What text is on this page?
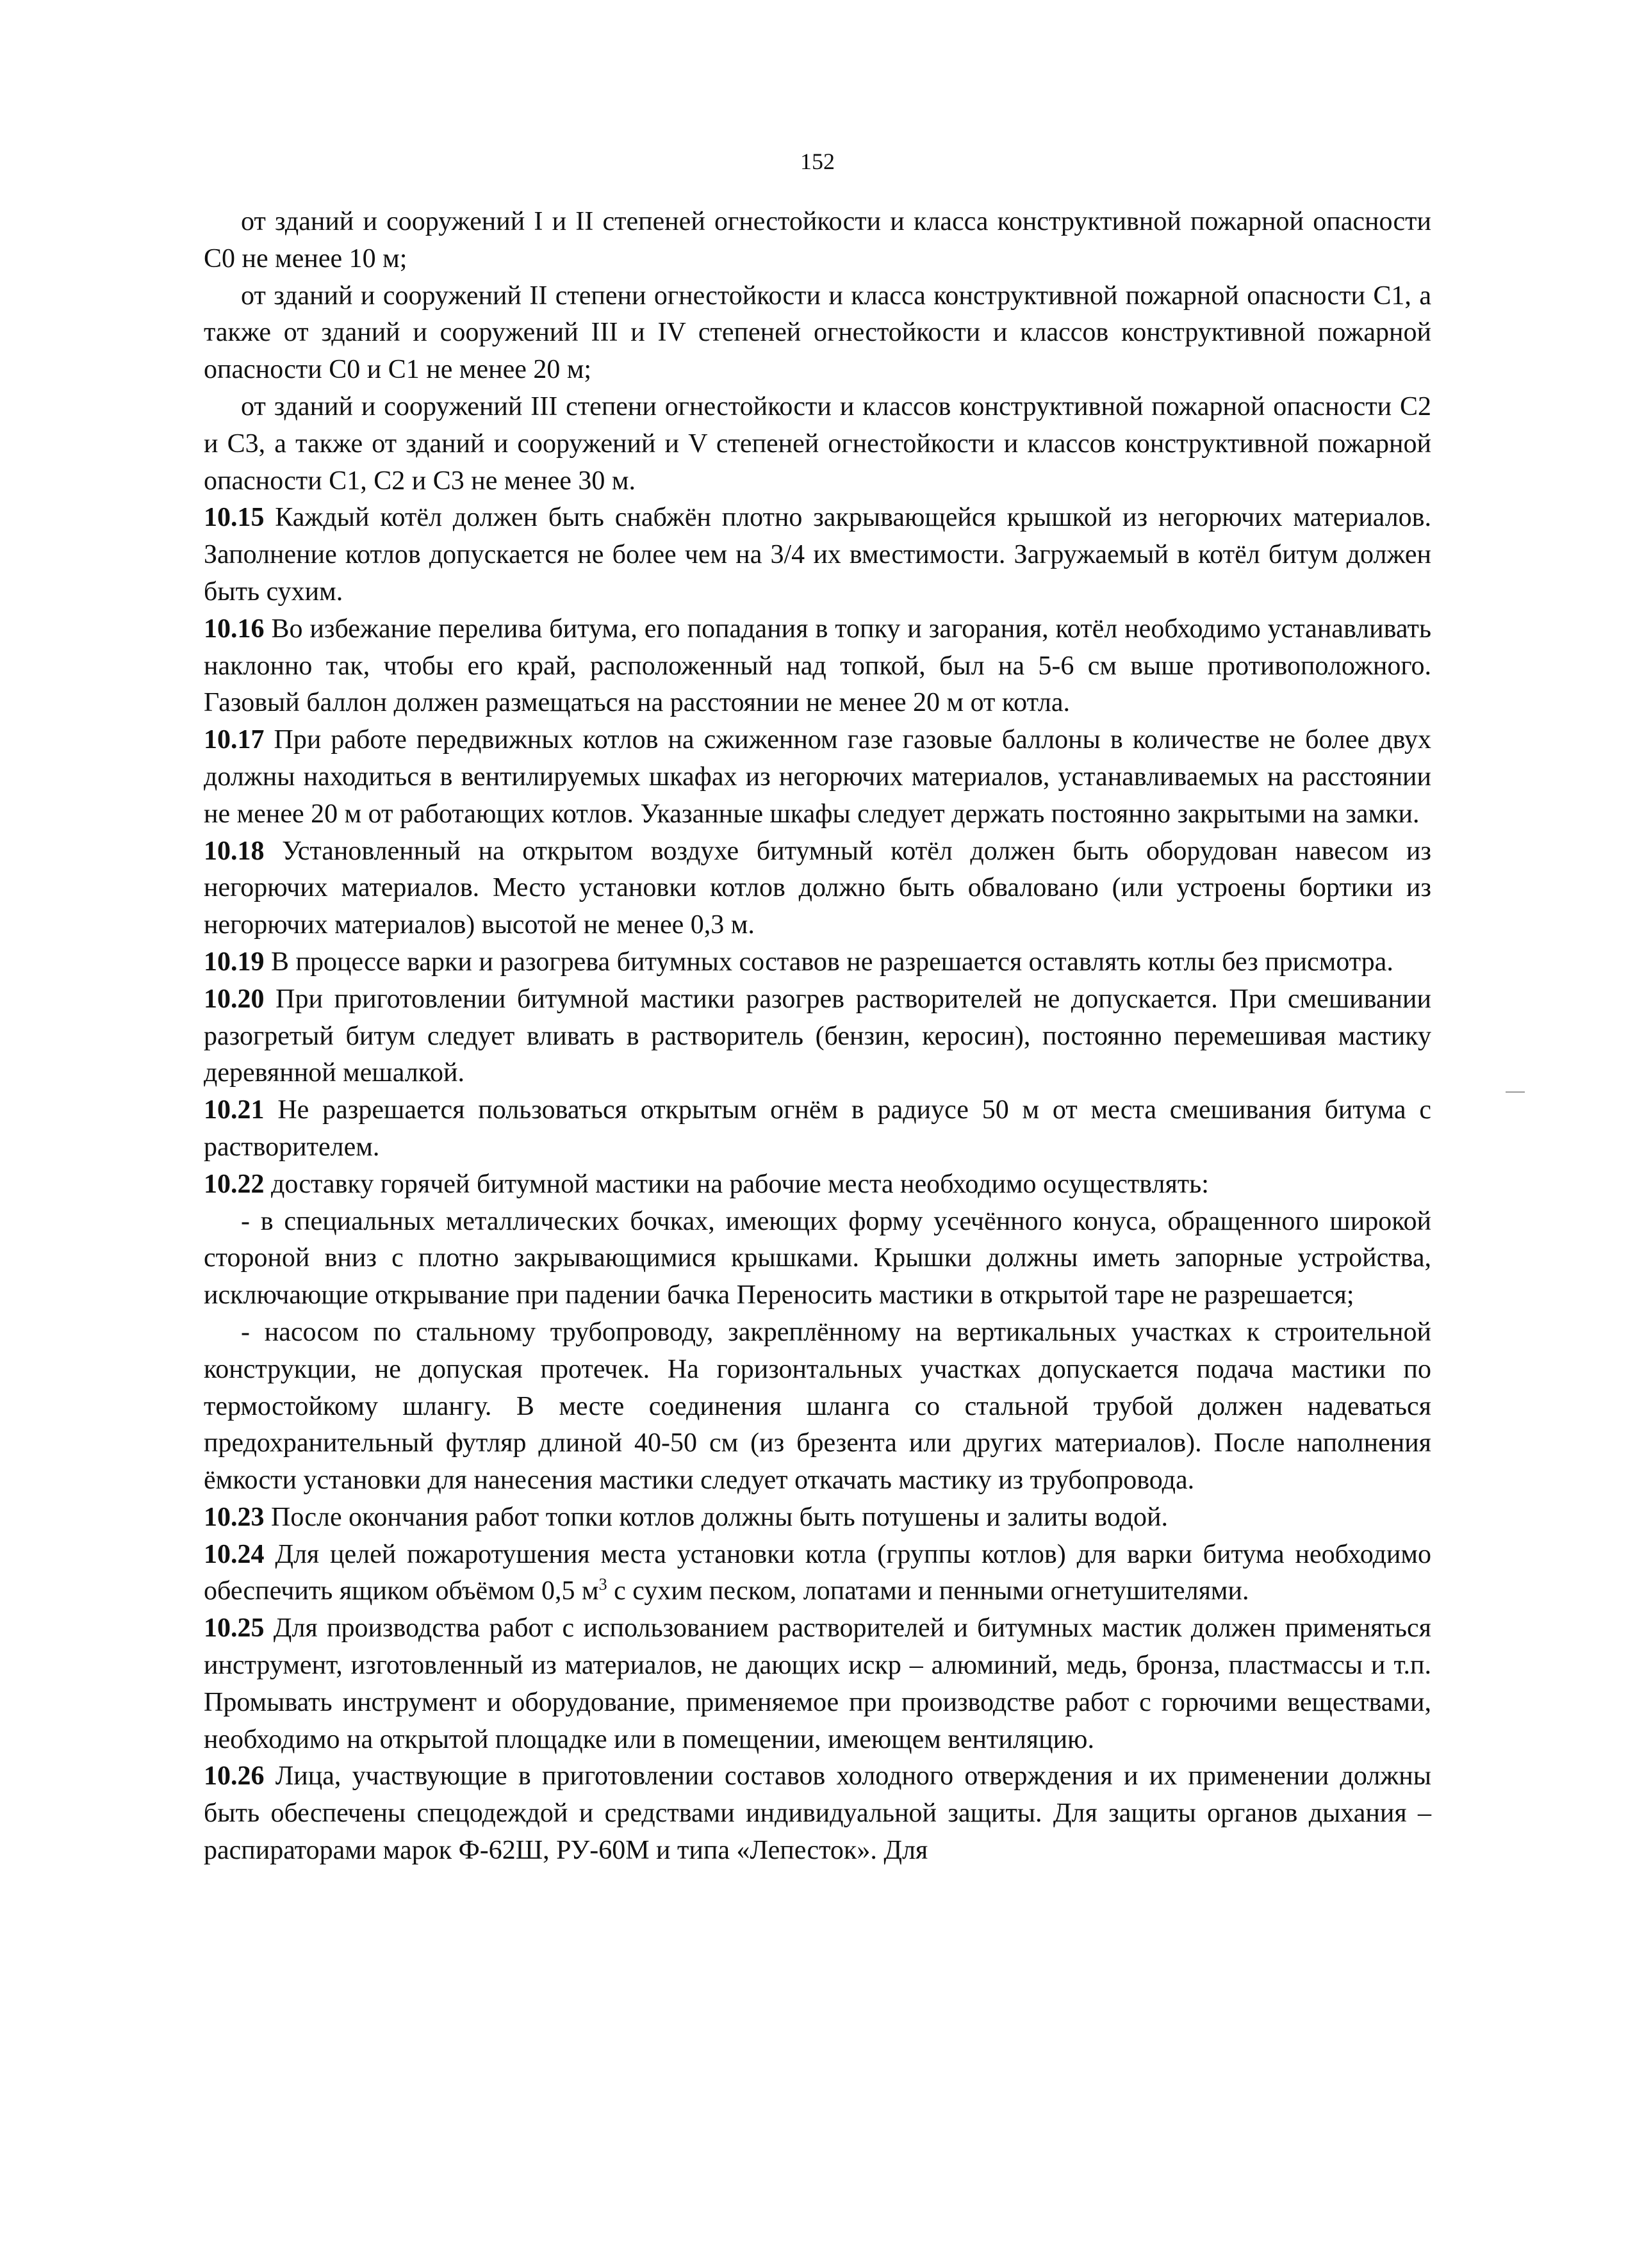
152

от зданий и сооружений I и II степеней огнестойкости и класса конструктивной пожарной опасности С0 не менее 10 м;

от зданий и сооружений II степени огнестойкости и класса конструктивной пожарной опасности С1, а также от зданий и сооружений III и IV степеней огнестойкости и классов конструктивной пожарной опасности С0 и С1 не менее 20 м;

от зданий и сооружений III степени огнестойкости и классов конструктивной пожарной опасности С2 и С3, а также от зданий и сооружений и V степеней огнестойкости и классов конструктивной пожарной опасности С1, С2 и С3 не менее 30 м.

10.15 Каждый котёл должен быть снабжён плотно закрывающейся крышкой из негорючих материалов. Заполнение котлов допускается не более чем на 3/4 их вместимости. Загружаемый в котёл битум должен быть сухим.

10.16 Во избежание перелива битума, его попадания в топку и загорания, котёл необходимо устанавливать наклонно так, чтобы его край, расположенный над топкой, был на 5-6 см выше противоположного. Газовый баллон должен размещаться на расстоянии не менее 20 м от котла.

10.17 При работе передвижных котлов на сжиженном газе газовые баллоны в количестве не более двух должны находиться в вентилируемых шкафах из негорючих материалов, устанавливаемых на расстоянии не менее 20 м от работающих котлов. Указанные шкафы следует держать постоянно закрытыми на замки.

10.18 Установленный на открытом воздухе битумный котёл должен быть оборудован навесом из негорючих материалов. Место установки котлов должно быть обваловано (или устроены бортики из негорючих материалов) высотой не менее 0,3 м.

10.19 В процессе варки и разогрева битумных составов не разрешается оставлять котлы без присмотра.

10.20 При приготовлении битумной мастики разогрев растворителей не допускается. При смешивании разогретый битум следует вливать в растворитель (бензин, керосин), постоянно перемешивая мастику деревянной мешалкой.

10.21 Не разрешается пользоваться открытым огнём в радиусе 50 м от места смешивания битума с растворителем.

10.22 доставку горячей битумной мастики на рабочие места необходимо осуществлять:

- в специальных металлических бочках, имеющих форму усечённого конуса, обращенного широкой стороной вниз с плотно закрывающимися крышками. Крышки должны иметь запорные устройства, исключающие открывание при падении бачка Переносить мастики в открытой таре не разрешается;

- насосом по стальному трубопроводу, закреплённому на вертикальных участках к строительной конструкции, не допуская протечек. На горизонтальных участках допускается подача мастики по термостойкому шлангу. В месте соединения шланга со стальной трубой должен надеваться предохранительный футляр длиной 40-50 см (из брезента или других материалов). После наполнения ёмкости установки для нанесения мастики следует откачать мастику из трубопровода.

10.23 После окончания работ топки котлов должны быть потушены и залиты водой.

10.24 Для целей пожаротушения места установки котла (группы котлов) для варки битума необходимо обеспечить ящиком объёмом 0,5 $м^3$ с сухим песком, лопатами и пенными огнетушителями.

10.25 Для производства работ с использованием растворителей и битумных мастик должен применяться инструмент, изготовленный из материалов, не дающих искр – алюминий, медь, бронза, пластмассы и т.п. Промывать инструмент и оборудование, применяемое при производстве работ с горючими веществами, необходимо на открытой площадке или в помещении, имеющем вентиляцию.

10.26 Лица, участвующие в приготовлении составов холодного отверждения и их применении должны быть обеспечены спецодеждой и средствами индивидуальной защиты. Для защиты органов дыхания – распираторами марок Ф-62Ш, РУ-60М и типа «Лепесток». Для
